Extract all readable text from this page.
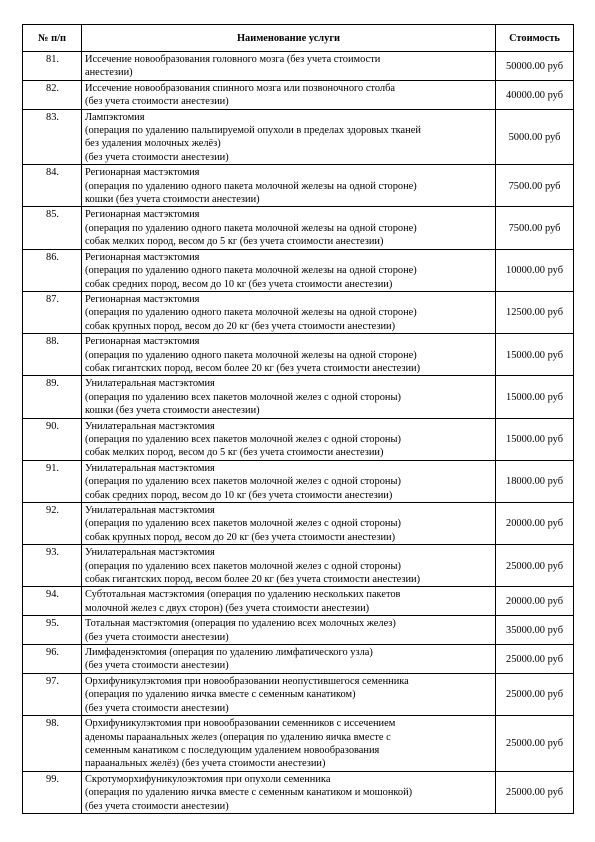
№ п/п	Наименование услуги	Стоимость
81.	Иссечение новообразования головного мозга (без учета стоимости
анестезии)	50000.00 руб
82.	Иссечение новообразования спинного мозга или позвоночного столба
(без учета стоимости анестезии)	40000.00 руб
83.	Лампэктомия
(операция по удалению пальпируемой опухоли в пределах здоровых тканей
без удаления молочных желёз)
(без учета стоимости анестезии)	5000.00 руб
84.	Регионарная мастэктомия
(операция по удалению одного пакета молочной железы на одной стороне)
кошки (без учета стоимости анестезии)	7500.00 руб
85.	Регионарная мастэктомия
(операция по удалению одного пакета молочной железы на одной стороне)
собак мелких пород, весом до 5 кг (без учета стоимости анестезии)	7500.00 руб
86.	Регионарная мастэктомия
(операция по удалению одного пакета молочной железы на одной стороне)
собак средних пород, весом до 10 кг (без учета стоимости анестезии)	10000.00 руб
87.	Регионарная мастэктомия
(операция по удалению одного пакета молочной железы на одной стороне)
собак крупных пород, весом до 20 кг (без учета стоимости анестезии)	12500.00 руб
88.	Регионарная мастэктомия
(операция по удалению одного пакета молочной железы на одной стороне)
собак гигантских пород, весом более 20 кг (без учета стоимости анестезии)	15000.00 руб
89.	Унилатеральная мастэктомия
(операция по удалению всех пакетов молочной желез с одной стороны)
кошки (без учета стоимости анестезии)	15000.00 руб
90.	Унилатеральная мастэктомия
(операция по удалению всех пакетов молочной желез с одной стороны)
собак мелких пород, весом до 5 кг (без учета стоимости анестезии)	15000.00 руб
91.	Унилатеральная мастэктомия
(операция по удалению всех пакетов молочной желез с одной стороны)
собак средних пород, весом до 10 кг (без учета стоимости анестезии)	18000.00 руб
92.	Унилатеральная мастэктомия
(операция по удалению всех пакетов молочной желез с одной стороны)
собак крупных пород, весом до 20 кг (без учета стоимости анестезии)	20000.00 руб
93.	Унилатеральная мастэктомия
(операция по удалению всех пакетов молочной желез с одной стороны)
собак гигантских пород, весом более 20 кг (без учета стоимости анестезии)	25000.00 руб
94.	Субтотальная мастэктомия (операция по удалению нескольких пакетов
молочной желез с двух сторон) (без учета стоимости анестезии)	20000.00 руб
95.	Тотальная мастэктомия (операция по удалению всех молочных желез)
(без учета стоимости анестезии)	35000.00 руб
96.	Лимфаденэктомия (операция по удалению лимфатического узла)
(без учета стоимости анестезии)	25000.00 руб
97.	Орхифуникулэктомия при новообразовании неопустившегося семенника
(операция по удалению яичка вместе с семенным канатиком)
(без учета стоимости анестезии)	25000.00 руб
98.	Орхифуникулэктомия при новообразовании семенников с иссечением
аденомы параанальных желез (операция по удалению яичка вместе с
семенным канатиком с последующим удалением новообразования
параанальных желёз) (без учета стоимости анестезии)	25000.00 руб
99.	Скротуморхифуникулоэктомия при опухоли семенника
(операция по удалению яичка вместе с семенным канатиком и мошонкой)
(без учета стоимости анестезии)	25000.00 руб
